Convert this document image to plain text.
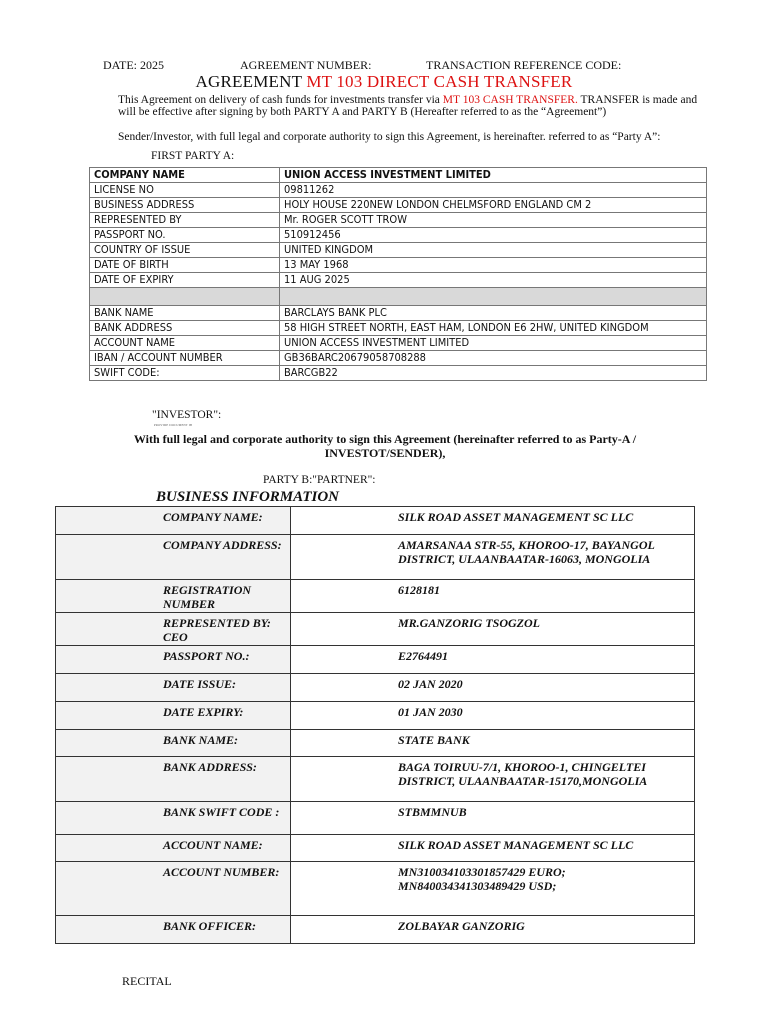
DATE: 2025	AGREEMENT NUMBER:	TRANSACTION REFERENCE CODE:
AGREEMENT MT 103 DIRECT CASH TRANSFER
This Agreement on delivery of cash funds for investments transfer via MT 103 CASH TRANSFER. TRANSFER is made and will be effective after signing by both PARTY A and PARTY B (Hereafter referred to as the “Agreement”)
Sender/Investor, with full legal and corporate authority to sign this Agreement, is hereinafter. referred to as “Party A”:
FIRST PARTY A:
COMPANY NAME	UNION ACCESS INVESTMENT LIMITED
LICENSE NO	09811262
BUSINESS ADDRESS	HOLY HOUSE 220NEW LONDON CHELMSFORD ENGLAND CM 2
REPRESENTED BY	Mr. ROGER SCOTT TROW
PASSPORT NO.	510912456
COUNTRY OF ISSUE	UNITED KINGDOM
DATE OF BIRTH	13 MAY 1968
DATE OF EXPIRY	11 AUG 2025

BANK NAME	BARCLAYS BANK PLC
BANK ADDRESS	58 HIGH STREET NORTH, EAST HAM, LONDON E6 2HW, UNITED KINGDOM
ACCOUNT NAME	UNION ACCESS INVESTMENT LIMITED
IBAN / ACCOUNT NUMBER	GB36BARC20679058708288
SWIFT CODE:	BARCGB22
"INVESTOR":
PROVIDE DOCUMENT IB
With full legal and corporate authority to sign this Agreement (hereinafter referred to as Party-A / INVESTOT/SENDER),
PARTY B:"PARTNER":
BUSINESS INFORMATION
COMPANY NAME:	SILK ROAD ASSET MANAGEMENT SC LLC
COMPANY ADDRESS:	AMARSANAA STR-55, KHOROO-17, BAYANGOL DISTRICT, ULAANBAATAR-16063, MONGOLIA
REGISTRATION NUMBER	6128181
REPRESENTED BY: CEO	MR.GANZORIG TSOGZOL
PASSPORT NO.:	E2764491
DATE ISSUE:	02 JAN 2020
DATE EXPIRY:	01 JAN 2030
BANK NAME:	STATE BANK
BANK ADDRESS:	BAGA TOIRUU-7/1, KHOROO-1, CHINGELTEI DISTRICT, ULAANBAATAR-15170,MONGOLIA
BANK SWIFT CODE :	STBMMNUB
ACCOUNT NAME:	SILK ROAD ASSET MANAGEMENT SC LLC
ACCOUNT NUMBER:	MN310034103301857429 EURO; MN840034341303489429 USD;
BANK OFFICER:	ZOLBAYAR GANZORIG
RECITAL
